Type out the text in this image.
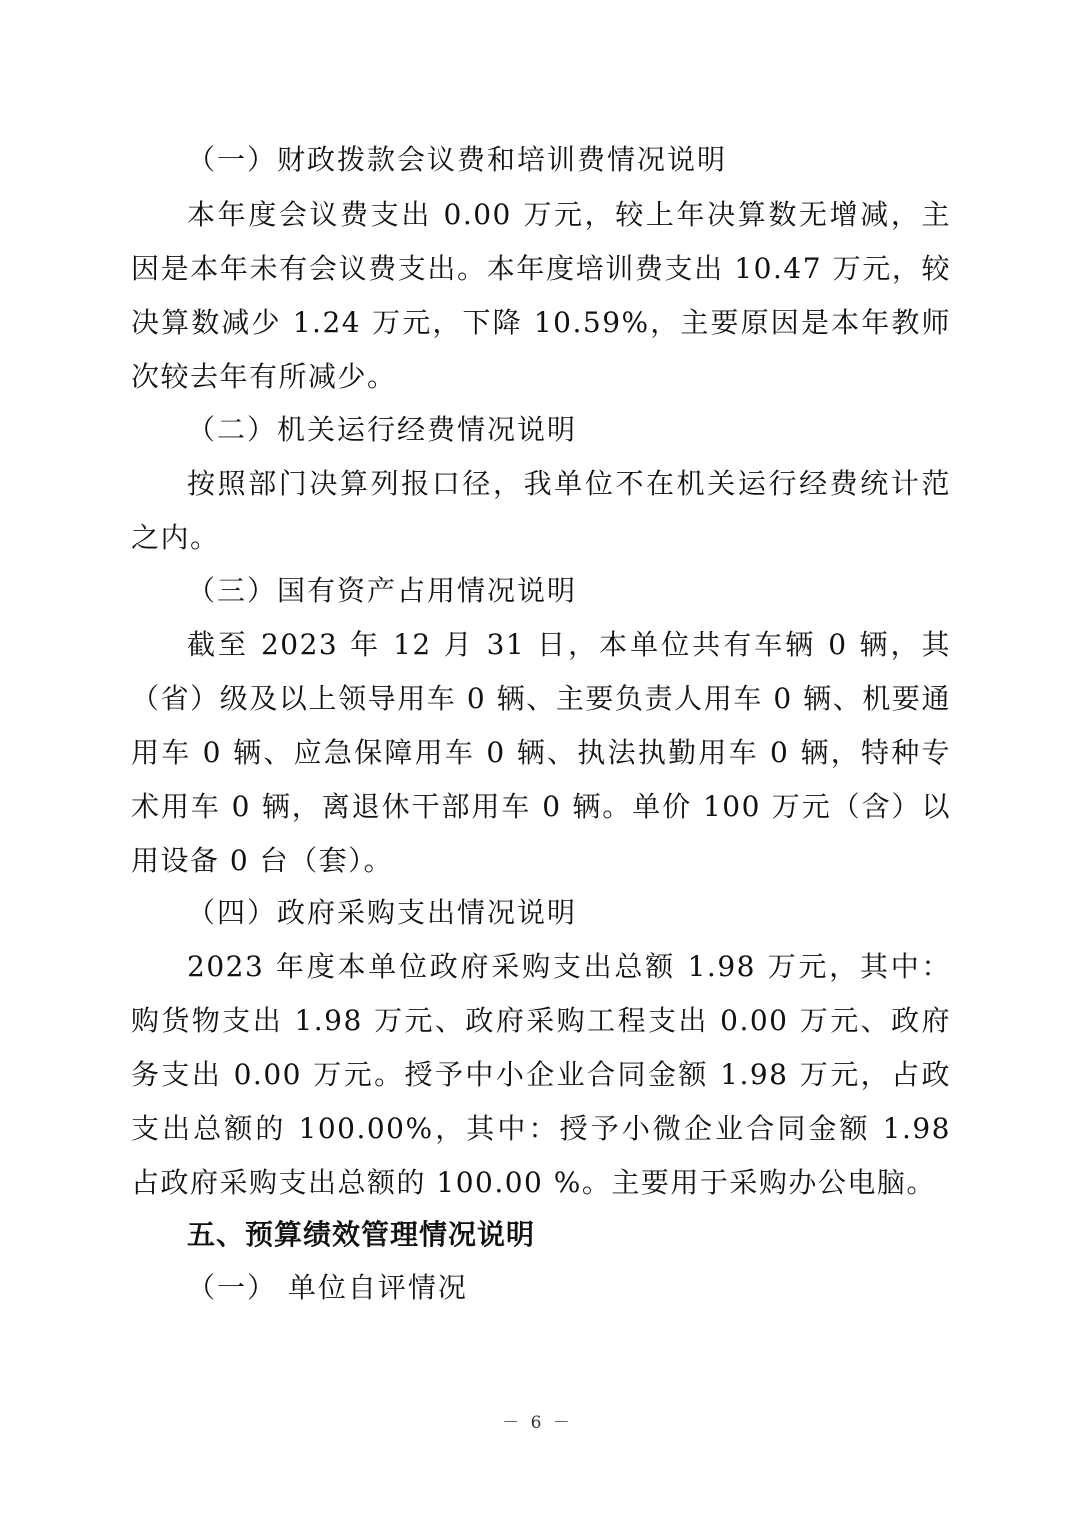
（一）财政拨款会议费和培训费情况说明

本年度会议费支出 0.00 万元，较上年决算数无增减，主

因是本年未有会议费支出。本年度培训费支出 10.47 万元，较

决算数减少 1.24 万元，下降 10.59%，主要原因是本年教师

次较去年有所减少。

（二）机关运行经费情况说明

按照部门决算列报口径，我单位不在机关运行经费统计范

之内。

（三）国有资产占用情况说明

截至 2023 年 12 月 31 日，本单位共有车辆 0 辆，其

（省）级及以上领导用车 0 辆、主要负责人用车 0 辆、机要通

用车 0 辆、应急保障用车 0 辆、执法执勤用车 0 辆，特种专

术用车 0 辆，离退休干部用车 0 辆。单价 100 万元（含）以

用设备 0 台（套）。

（四）政府采购支出情况说明

2023 年度本单位政府采购支出总额 1.98 万元，其中：

购货物支出 1.98 万元、政府采购工程支出 0.00 万元、政府

务支出 0.00 万元。授予中小企业合同金额 1.98 万元，占政

支出总额的 100.00%，其中：授予小微企业合同金额 1.98

占政府采购支出总额的 100.00 %。主要用于采购办公电脑。

五、预算绩效管理情况说明

（一） 单位自评情况

－ 6 －
